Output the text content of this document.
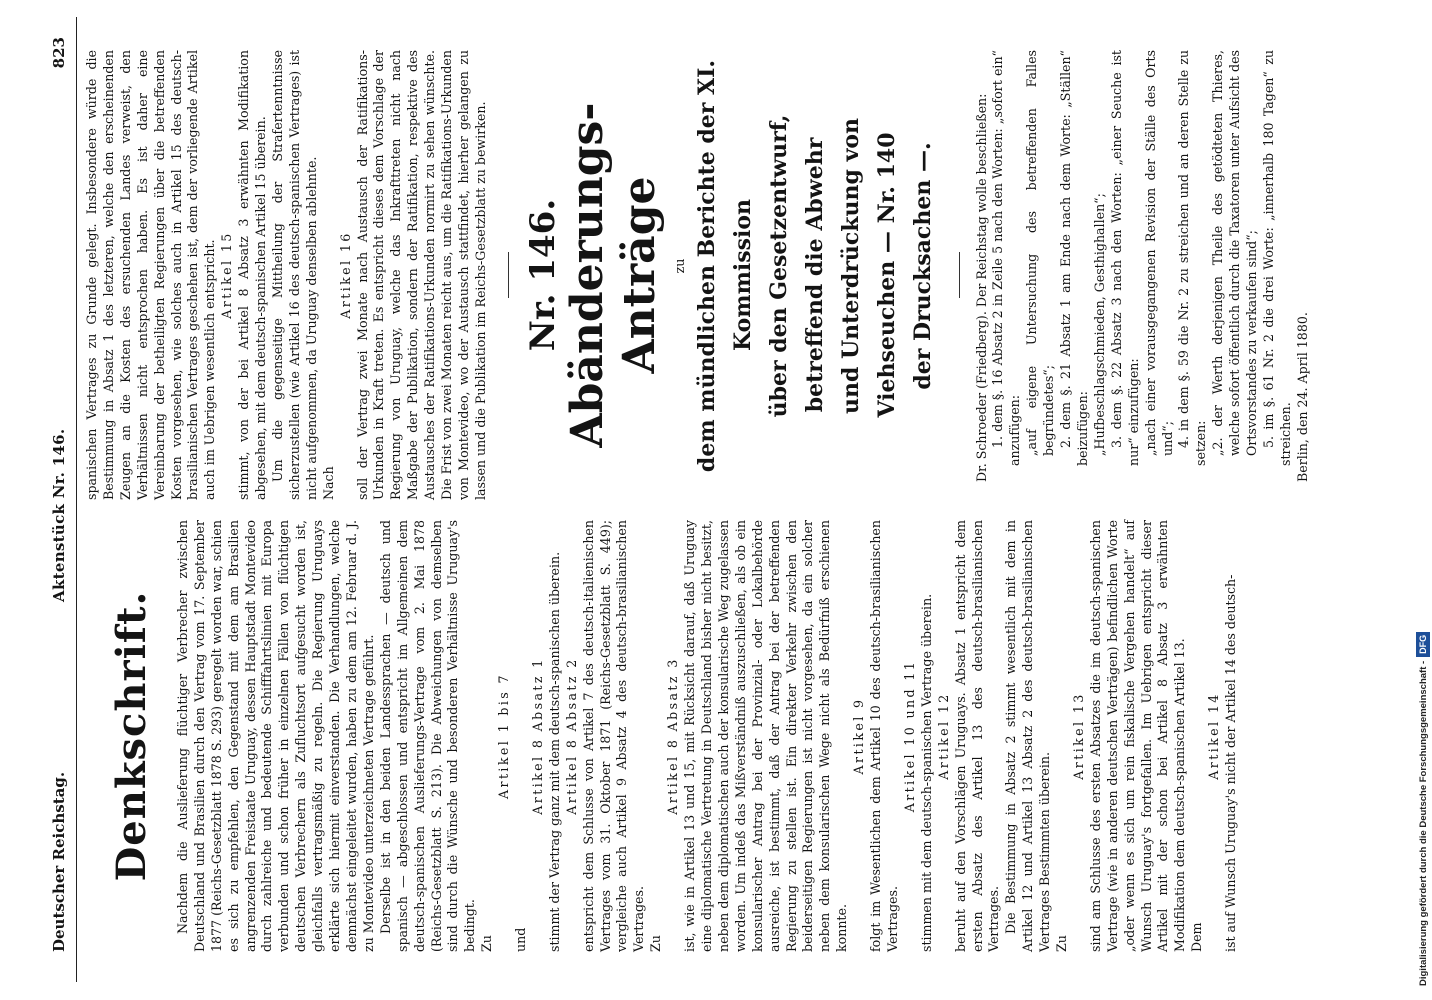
Deutscher Reichstag.
Aktenstück Nr. 146.
823
Denkschrift. Nachdem die Auslieferung flüchtiger Verbrecher zwischen Deutschland und Brasilien durch den Vertrag vom 17. September 1877 (Reichs-Gesetzblatt 1878 S. 293) geregelt worden war, schien es sich zu empfehlen, den Gegenstand mit dem am Brasilien angrenzenden Freistaate Uruguay, dessen Hauptstadt Montevideo durch zahlreiche und bedeutende Schifffahrtslinien mit Europa verbunden und schon früher in einzelnen Fällen von flüchtigen deutschen Verbrechern als Zufluchtsort aufgesucht worden ist, gleichfalls vertragsmäßig zu regeln. Die Regierung Uruguays erklärte sich hiermit einverstanden. Die Verhandlungen, welche demnächst eingeleitet wurden, haben zu dem am 12. Februar d. J. zu Montevideo unterzeichneten Vertrage geführt. Derselbe ist in den beiden Landessprachen — deutsch und spanisch — abgeschlossen und entspricht im Allgemeinen dem deutsch-spanischen Auslieferungs-Vertrage vom 2. Mai 1878 (Reichs-Gesetzblatt S. 213). Die Abweichungen von demselben sind durch die Wünsche und besonderen Verhältnisse Uruguay's bedingt. Zu

Artikel 1 bis 7

und

Artikel 8 Absatz 1 stimmt der Vertrag ganz mit dem deutsch-spanischen überein. Artikel 8 Absatz 2 entspricht dem Schlusse von Artikel 7 des deutsch-italienischen Vertrages vom 31. Oktober 1871 (Reichs-Gesetzblatt S. 449); vergleiche auch Artikel 9 Absatz 4 des deutsch-brasilianischen Vertrages. Zu

Artikel 8 Absatz 3 ist, wie in Artikel 13 und 15, mit Rücksicht darauf, daß Uruguay eine diplomatische Vertretung in Deutschland bisher nicht besitzt, neben dem diplomatischen auch der konsularische Weg zugelassen worden. Um indeß das Mißverständniß auszuschließen, als ob ein konsularischer Antrag bei der Provinzial- oder Lokalbehörde ausreiche, ist bestimmt, daß der Antrag bei der betreffenden Regierung zu stellen ist. Ein direkter Verkehr zwischen den beiderseitigen Regierungen ist nicht vorgesehen, da ein solcher neben dem konsularischen Wege nicht als Bedürfniß erschienen konnte.

Artikel 9 folgt im Wesentlichen dem Artikel 10 des deutsch-brasilianischen Vertrages.

Artikel 10 und 11 stimmen mit dem deutsch-spanischen Vertrage überein. Artikel 12 beruht auf den Vorschlägen Uruguays. Absatz 1 entspricht dem ersten Absatz des Artikel 13 des deutsch-brasilianischen Vertrages. Die Bestimmung in Absatz 2 stimmt wesentlich mit dem in Artikel 12 und Artikel 13 Absatz 2 des deutsch-brasilianischen Vertrages Bestimmten überein. Zu

Artikel 13 sind am Schlusse des ersten Absatzes die im deutsch-spanischen Vertrage (wie in anderen deutschen Verträgen) befindlichen Worte „oder wenn es sich um rein fiskalische Vergehen handelt“ auf Wunsch Uruguay's fortgefallen. Im Uebrigen entspricht dieser Artikel mit der schon bei Artikel 8 Absatz 3 erwähnten Modifikation dem deutsch-spanischen Artikel 13. Dem

Artikel 14 ist auf Wunsch Uruguay's nicht der Artikel 14 des deutsch-

spanischen Vertrages zu Grunde gelegt. Insbesondere würde die Bestimmung in Absatz 1 des letzteren, welche den erscheinenden Zeugen an die Kosten des ersuchenden Landes verweist, den Verhältnissen nicht entsprochen haben. Es ist daher eine Vereinbarung der betheiligten Regierungen über die betreffenden Kosten vorgesehen, wie solches auch in Artikel 15 des deutsch-brasilianischen Vertrages geschehen ist, dem der vorliegende Artikel auch im Uebrigen wesentlich entspricht. Artikel 15 stimmt, von der bei Artikel 8 Absatz 3 erwähnten Modifikation abgesehen, mit dem deutsch-spanischen Artikel 15 überein. Um die gegenseitige Mittheilung der Strafertenntnisse sicherzustellen (wie Artikel 16 des deutsch-spanischen Vertrages) ist nicht aufgenommen, da Uruguay denselben ablehnte. Nach

Artikel 16 soll der Vertrag zwei Monate nach Austausch der Ratifikations-Urkunden in Kraft treten. Es entspricht dieses dem Vorschlage der Regierung von Uruguay, welche das Inkrafttreten nicht nach Maßgabe der Publikation, sondern der Ratifikation, respektive des Austausches der Ratifikations-Urkunden normirt zu sehen wünschte. Die Frist von zwei Monaten reicht aus, um die Ratifikations-Urkunden von Montevideo, wo der Austausch stattfindet, hierher gelangen zu lassen und die Publikation im Reichs-Gesetzblatt zu bewirken. Nr. 146.
Abänderungs-Anträge zu dem mündlichen Berichte der XI. Kommission über den Gesetzentwurf, betreffend die Abwehr und Unterdrückung von Viehseuchen — Nr. 140 der Drucksachen —.	Dr. Schroeder (Friedberg). Der Reichstag wolle beschließen: 1. dem §. 16 Absatz 2 in Zeile 5 nach den Worten: „sofort ein“ anzufügen: „auf eigene Untersuchung des betreffenden Falles begründetes“; 2. dem §. 21 Absatz 1 am Ende nach dem Worte: „Ställen“ beizufügen: „Hufbeschlagschmieden, Gesthighallen“; 3. dem §. 22 Absatz 3 nach den Worten: „einer Seuche ist nur“ einzufügen: „nach einer vorausgegangenen Revision der Ställe des Orts und“; 4. in dem §. 59 die Nr. 2 zu streichen und an deren Stelle zu setzen: „2. der Werth derjenigen Theile des getödteten Thieres, welche sofort öffentlich durch die Taxatoren unter Aufsicht des Ortsvorstandes zu verkaufen sind“; 5. im §. 61 Nr. 2 die drei Worte: „innerhalb 180 Tagen“ zu streichen. Berlin, den 24. April 1880.

Digitalisierung gefördert durch die Deutsche Forschungsgemeinschaft -DFG
